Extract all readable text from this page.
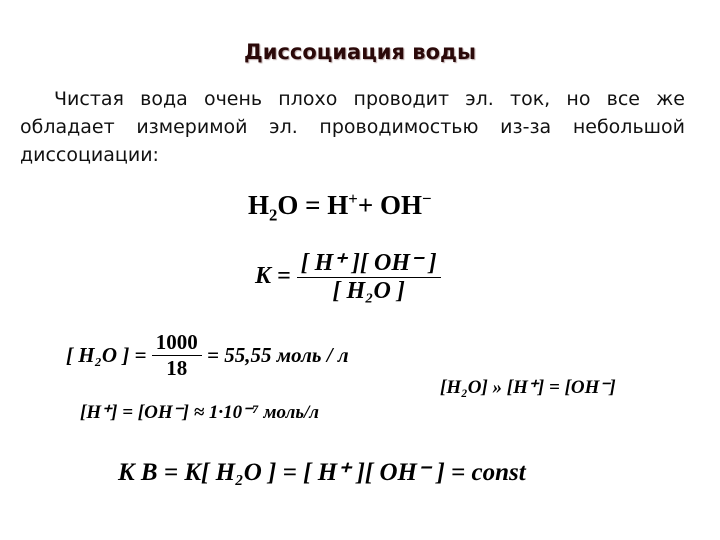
Диссоциация воды
Чистая вода очень плохо проводит эл. ток, но все же обладает измеримой эл. проводимостью из-за небольшой диссоциации:
$H_2O = H^++ OH^-$
$K = \frac{[ H^+ ][ OH^- ]}{\text{[ H₂O ]}}$
[ H₂O ] = $\frac{1000}{18} = 55,55$ моль / л
[H⁺] = [OH⁻] ≈ 1·10⁻⁷ моль/л
[H₂O] » [H⁺] = [OH⁻]
K B = K[ H₂O ] = [ H⁺ ][ OH⁻ ] = const
